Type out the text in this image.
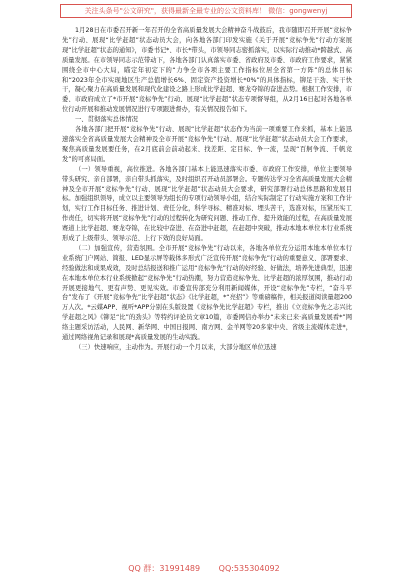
关注头条号"公文研究"，获得最新全最专业的公文资料库！ 微信：gongwenyj

1月28日在市委召开新一年召开的全省高质量发展大会精神奋斗战鼓后，我市随即召开开展“竞标争先”行动、展现“比学赶超”状态动员大会，向各地各部门印发实施《关于开展“竞标争先”行动方案展现“比学赶超”状态的通知》，市委书记*、市长*带头，市领导同志密抓落实，以实际行动推动*跨越式、高质量发展。在市领导同志示范带动下，各地各部门认真落实市委、省政府及市委、市政府工作要求，紧紧围绕全市中心大局，瞄定年初定下的“力争全市各项主要工作指标位居全省第一方阵”的总体目标和“2023年全市实现地区生产总值增长6%、固定资产投资增长*0%”的具体指标，铆足干劲、实干快干，凝心聚力在高质量发展和现代化建设之路上形成比学赶超、赛龙夺锦的奋进态势。根据工作安排，市委、市政府成立了*市开展“竞标争先”行动、展现“比学赶超”状态专项督导组，从2月16日起对各地各单位行动开展和推动发展情况进行专项跟进督办，有关情况报告如下。

一、贯彻落实总体情况

各地各部门把开展“竞标争先”行动、展现“比学赶超”状态作为当前一项重要工作来抓，基本上能迅速落实全省高质量发展大会精神及全市开展“竞标争先”行动、展现“比学赶超”状态动员大会工作要求，聚焦高质量发展要任务，在2月底前会前动起来、找差距、定目标、争一流，呈现“百舸争流、千帆竞发”的可喜局面。

（一）领导重视，高位推进。各地各部门基本上能迅速落实市委、市政府工作安排，单位主要领导带头研究、亲自部署，亲自带头抓落实，及时组织召开动员部署会。专题传达学习全省高质量发展大会精神及全市开展“竞标争先”行动、展现“比学赶超”状态动员大会要求，研究部署行动总体思路和发展目标。加强组织领导，成立以主要领导为组长的专项行动领导小组，结合实际制定了行动实施方案和工作计划，实行工作目标任务、推进计划、责任分化，科学寻标、精准对标、埋头苦干，选准对标，压紧压实工作责任，切实将开展“竞标争先”行动的过程转化为研究问题、推动工作、提升效能的过程，在高质量发展赛道上比学赶超、赛龙夺锦，在比较中奋进、在奋进中赶超，在赶超中突破，推动本地本单位本行业系统形成了上级带头、领导示范、上行下效的良好局面。

（二）加强宣传，营造氛围。全市开展“竞标争先”行动以来，各地各单位充分运用本地本单位本行业系统门户网站、简报、LED显示屏等载体多形式广泛宣传开展“竞标争先”行动的重要意义、部署要求、经验做法和成果成效，及时总结报送和推广运用“竞标争先”行动的好经验、好做法，培养先进典型，迅速在本地本单位本行业系统掀起“竞标争先”行动热潮，努力营造竞标争先、比学赶超的浓厚氛围，推动行动开展更接地气、更有声势、更见实效。市委宣传部充分利用新闻媒体，开设“竞标争先”专栏，“奋斗平台”发布了《开展“竞标争先”比学赶超”状态》《比学赶超，*“亮招”》等重磅稿件，相关报道阅读量超200万人次。*云媒APP、视听*APP分别在头版设置《竞标争先比学赶超》专栏，推出《立竞标争先之志兴比学赶超之风》《铆足“比”的劲头》等特约评论员文章10篇，市委网信办举办“未来已来·高质量发展看*”网络主题采访活动，人民网、新华网、中国日报网、南方网、金羊网等20多家中央、省级主流媒体走进*，通过网络视角记录和展现*高质量发展的生动实践。

（三）快速响应，主动作为。开展行动一个月以来，大部分地区单位迅速

QQ 群：31991489 QQ:535304092
